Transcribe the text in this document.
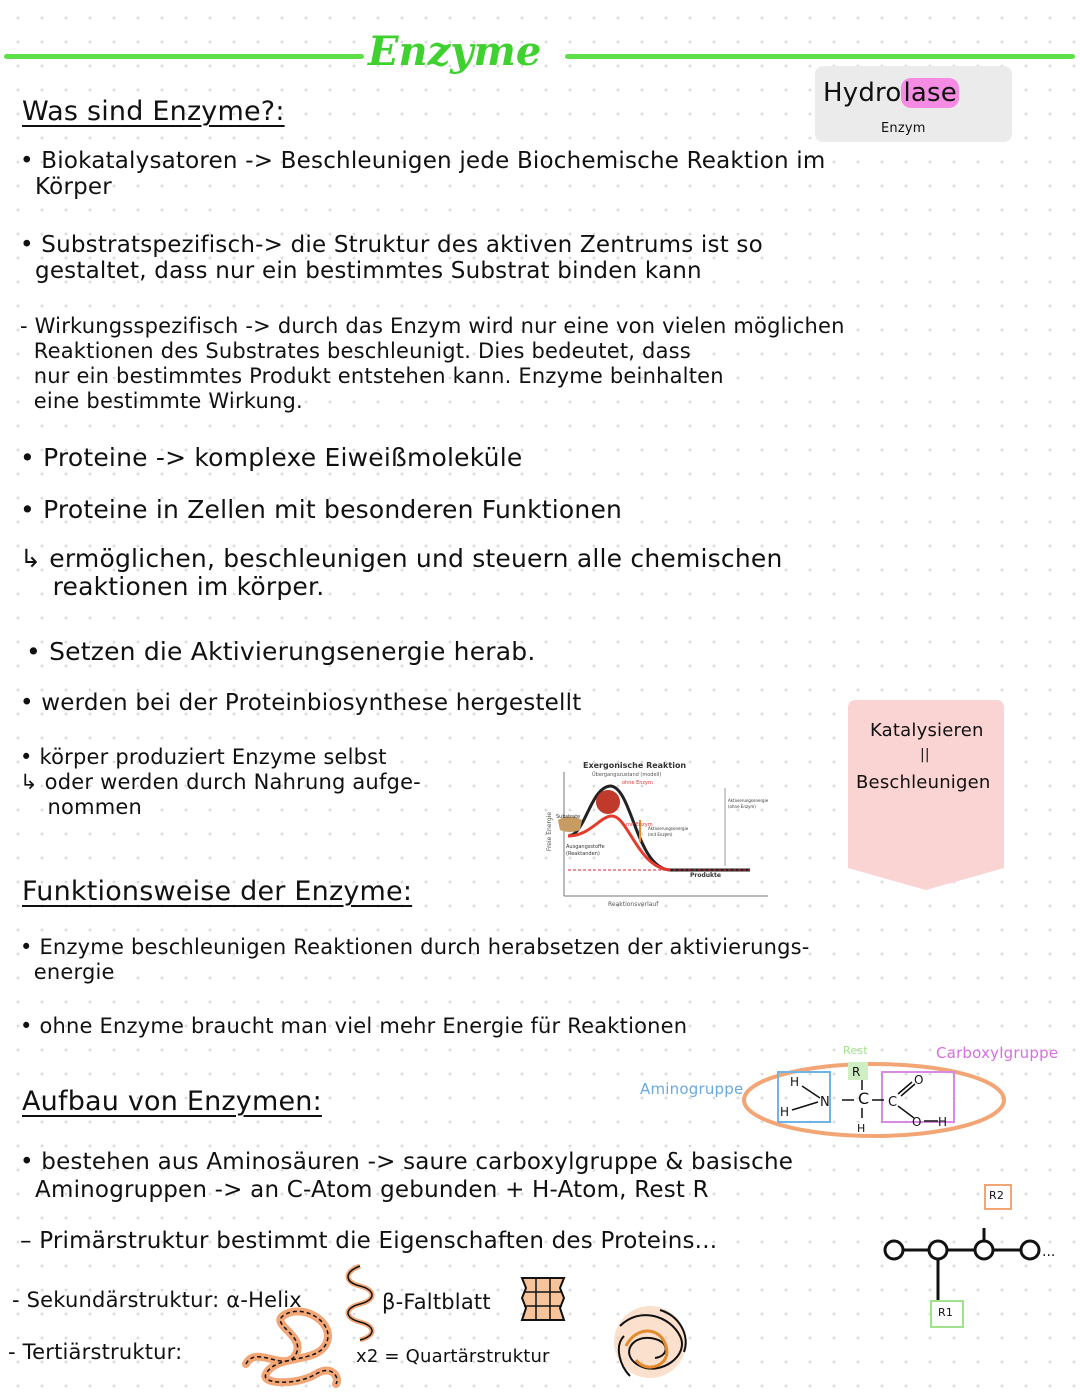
Enzyme
Hydrolase
Enzym
Was sind Enzyme?:
• Biokatalysatoren -> Beschleunigen jede Biochemische Reaktion im
Körper
• Substratspezifisch-> die Struktur des aktiven Zentrums ist so
gestaltet, dass nur ein bestimmtes Substrat binden kann
- Wirkungsspezifisch -> durch das Enzym wird nur eine von vielen möglichen
Reaktionen des Substrates beschleunigt. Dies bedeutet, dass
nur ein bestimmtes Produkt entstehen kann. Enzyme beinhalten
eine bestimmte Wirkung.
• Proteine -> komplexe Eiweißmoleküle
• Proteine in Zellen mit besonderen Funktionen
↳ ermöglichen, beschleunigen und steuern alle chemischen
reaktionen im körper.
• Setzen die Aktivierungsenergie herab.
• werden bei der Proteinbiosynthese hergestellt
• körper produziert Enzyme selbst
↳ oder werden durch Nahrung aufge-
nommen
Katalysieren
||
Beschleunigen
Exergonische Reaktion
Übergangszustand (modell)
ohne Enzym
mit Enzym
Substrate
Ausgangsstoffe
(Reaktanden)
Aktivierungsenergie
(mit Enzym)
Aktivierungsenergie
(ohne Enzym)
Produkte
Reaktionsverlauf
Freie Energie
Funktionsweise der Enzyme:
• Enzyme beschleunigen Reaktionen durch herabsetzen der aktivierungs-
energie
• ohne Enzyme braucht man viel mehr Energie für Reaktionen
Aufbau von Enzymen:	Aminogruppe
Rest	Carboxylgruppe
R
C
H
N
H
H
C
O
O H
• bestehen aus Aminosäuren -> saure carboxylgruppe & basische
Aminogruppen -> an C-Atom gebunden + H-Atom, Rest R	R2
– Primärstruktur bestimmt die Eigenschaften des Proteins...	...
R1
- Sekundärstruktur: α-Helix	β-Faltblatt
- Tertiärstruktur:	x2 = Quartärstruktur
